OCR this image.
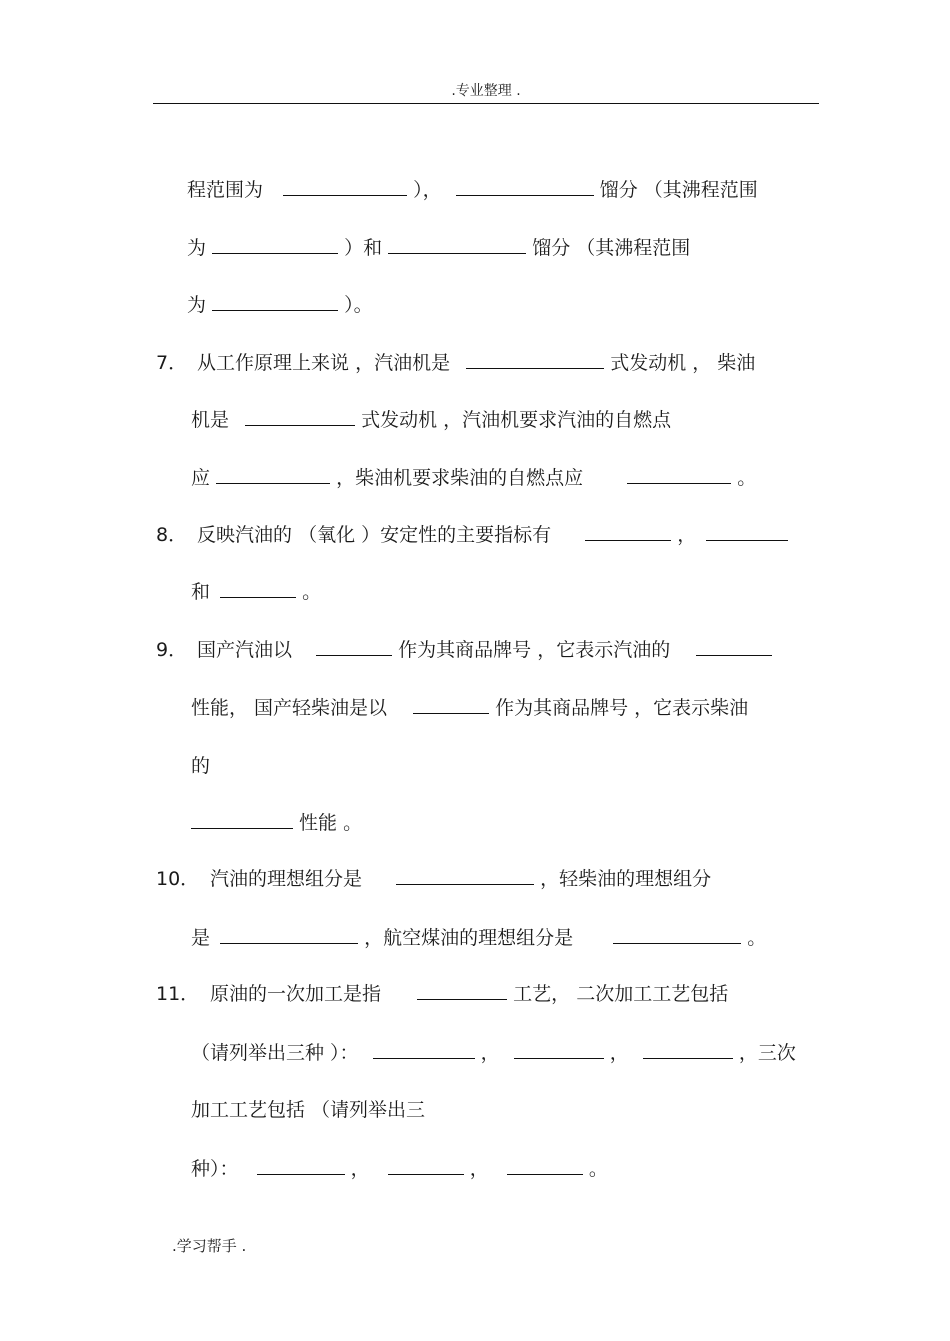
.专业整理 .
程范围为	），	馏分 （其沸程范围
为	）和	馏分 （其沸程范围
为	）。
7． 从工作原理上来说 ，汽油机是	式发动机 ， 柴油
机是	式发动机 ，汽油机要求汽油的自燃点
应	，柴油机要求柴油的自燃点应	。
8． 反映汽油的 （氧化 ）安定性的主要指标有	，
和	。
9． 国产汽油以	作为其商品牌号 ，它表示汽油的
性能， 国产轻柴油是以	作为其商品牌号 ，它表示柴油
的
性能 。
10． 汽油的理想组分是	，轻柴油的理想组分
是	，航空煤油的理想组分是	。
11． 原油的一次加工是指	工艺， 二次加工工艺包括
（请列举出三种 ）：	，	，	，三次
加工工艺包括 （请列举出三
种）：	，	，	。
.学习帮手 .
